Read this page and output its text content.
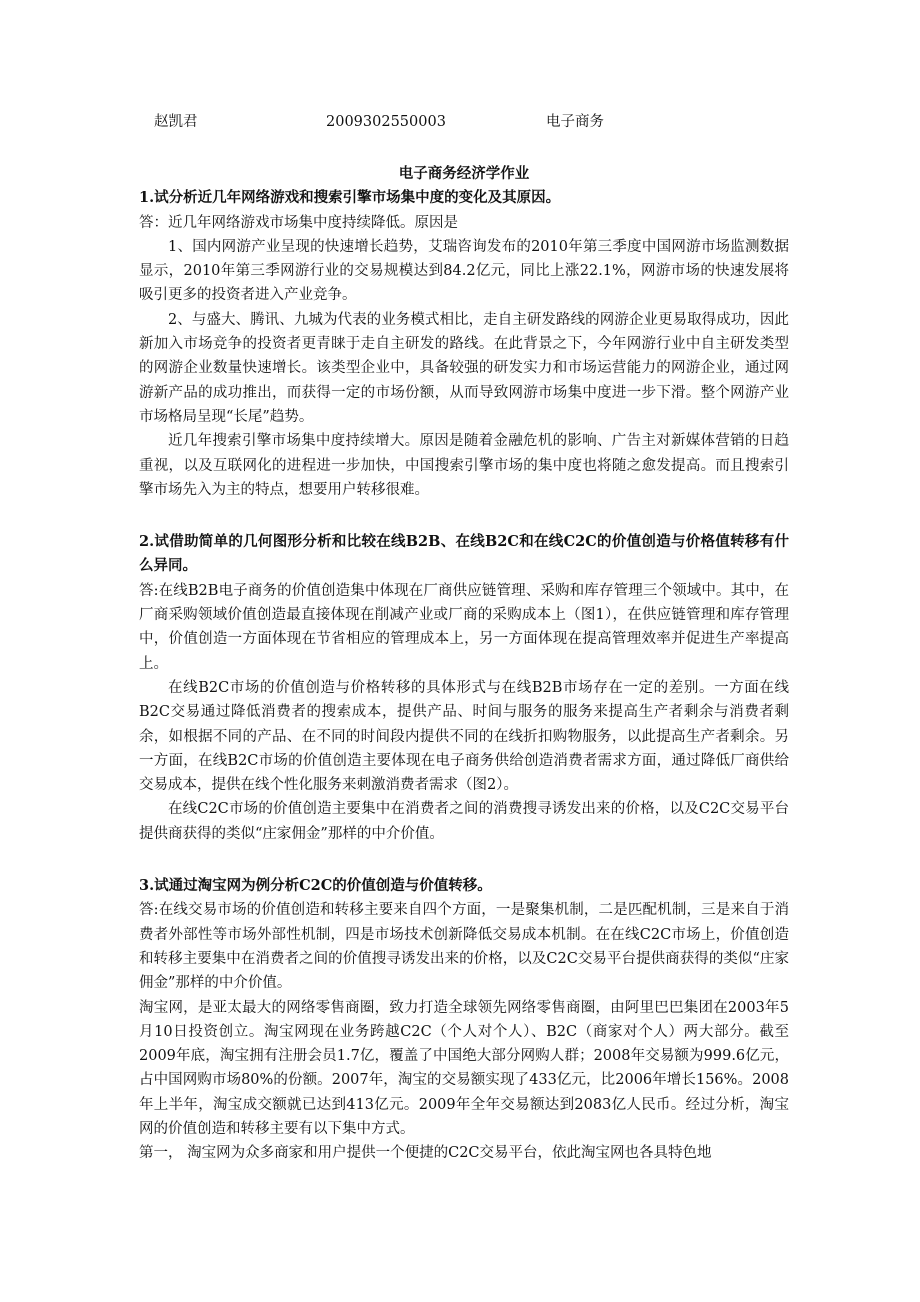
赵凯君	2009302550003	电子商务
电子商务经济学作业

1.试分析近几年网络游戏和搜索引擎市场集中度的变化及其原因。

答：近几年网络游戏市场集中度持续降低。原因是

1、国内网游产业呈现的快速增长趋势，艾瑞咨询发布的2010年第三季度中国网游市场监测数据显示，2010年第三季网游行业的交易规模达到84.2亿元，同比上涨22.1%，网游市场的快速发展将吸引更多的投资者进入产业竞争。

2、与盛大、腾讯、九城为代表的业务模式相比，走自主研发路线的网游企业更易取得成功，因此新加入市场竞争的投资者更青睐于走自主研发的路线。在此背景之下，今年网游行业中自主研发类型的网游企业数量快速增长。该类型企业中，具备较强的研发实力和市场运营能力的网游企业，通过网游新产品的成功推出，而获得一定的市场份额，从而导致网游市场集中度进一步下滑。整个网游产业市场格局呈现“长尾”趋势。

近几年搜索引擎市场集中度持续增大。原因是随着金融危机的影响、广告主对新媒体营销的日趋重视，以及互联网化的进程进一步加快，中国搜索引擎市场的集中度也将随之愈发提高。而且搜索引擎市场先入为主的特点，想要用户转移很难。

2.试借助简单的几何图形分析和比较在线B2B、在线B2C和在线C2C的价值创造与价格值转移有什么异同。

答:在线B2B电子商务的价值创造集中体现在厂商供应链管理、采购和库存管理三个领域中。其中，在厂商采购领域价值创造最直接体现在削减产业或厂商的采购成本上（图1），在供应链管理和库存管理中，价值创造一方面体现在节省相应的管理成本上，另一方面体现在提高管理效率并促进生产率提高上。

在线B2C市场的价值创造与价格转移的具体形式与在线B2B市场存在一定的差别。一方面在线B2C交易通过降低消费者的搜索成本，提供产品、时间与服务的服务来提高生产者剩余与消费者剩余，如根据不同的产品、在不同的时间段内提供不同的在线折扣购物服务，以此提高生产者剩余。另一方面，在线B2C市场的价值创造主要体现在电子商务供给创造消费者需求方面，通过降低厂商供给交易成本，提供在线个性化服务来刺激消费者需求（图2）。

在线C2C市场的价值创造主要集中在消费者之间的消费搜寻诱发出来的价格，以及C2C交易平台提供商获得的类似“庄家佣金”那样的中介价值。

3.试通过淘宝网为例分析C2C的价值创造与价值转移。

答:在线交易市场的价值创造和转移主要来自四个方面，一是聚集机制，二是匹配机制，三是来自于消费者外部性等市场外部性机制，四是市场技术创新降低交易成本机制。在在线C2C市场上，价值创造和转移主要集中在消费者之间的价值搜寻诱发出来的价格，以及C2C交易平台提供商获得的类似“庄家佣金”那样的中介价值。

淘宝网，是亚太最大的网络零售商圈，致力打造全球领先网络零售商圈，由阿里巴巴集团在2003年5月10日投资创立。淘宝网现在业务跨越C2C（个人对个人）、B2C（商家对个人）两大部分。截至2009年底，淘宝拥有注册会员1.7亿，覆盖了中国绝大部分网购人群；2008年交易额为999.6亿元，占中国网购市场80%的份额。2007年，淘宝的交易额实现了433亿元，比2006年增长156%。2008年上半年，淘宝成交额就已达到413亿元。2009年全年交易额达到2083亿人民币。经过分析，淘宝网的价值创造和转移主要有以下集中方式。

第一， 淘宝网为众多商家和用户提供一个便捷的C2C交易平台，依此淘宝网也各具特色地
